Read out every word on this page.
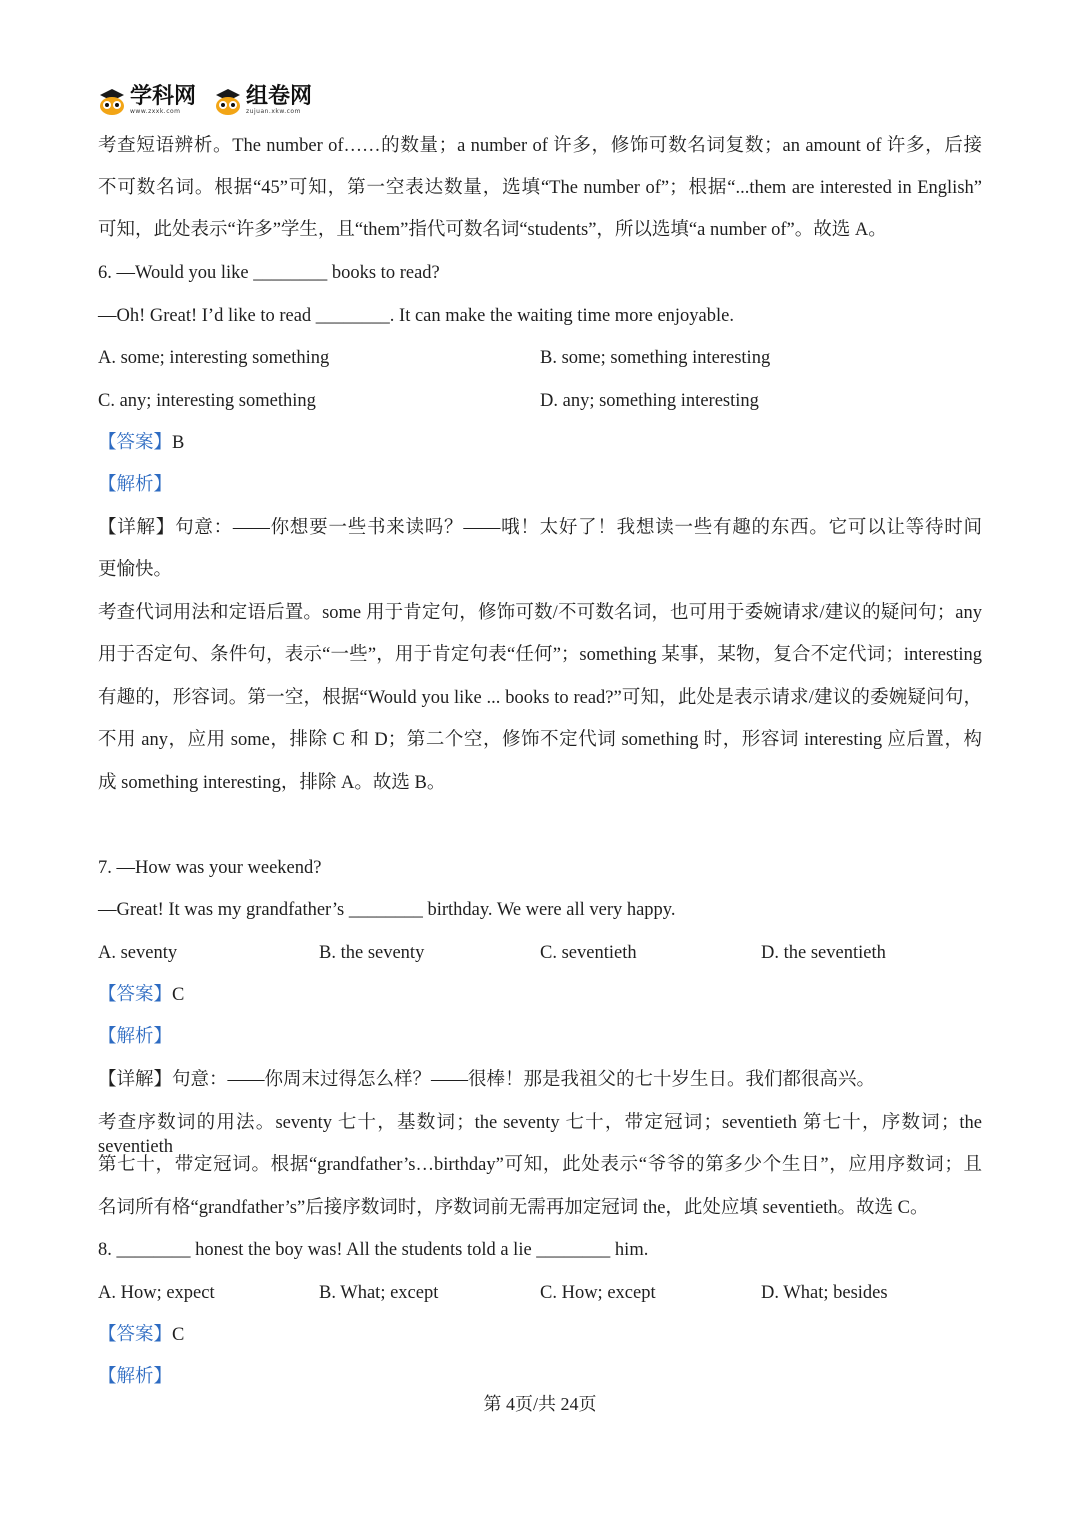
学科网
www.zxxk.com
组卷网
zujuan.xkw.com
考查短语辨析。The number of……的数量；a number of 许多，修饰可数名词复数；an amount of 许多，后接
不可数名词。根据“45”可知，第一空表达数量，选填“The number of”；根据“...them are interested in English”
可知，此处表示“许多”学生，且“them”指代可数名词“students”，所以选填“a number of”。故选 A。
6. —Would you like ________ books to read?
—Oh! Great! I’d like to read ________. It can make the waiting time more enjoyable.
A. some; interesting something	B. some; something interesting
C. any; interesting something	D. any; something interesting
【答案】B
【解析】
【详解】句意：——你想要一些书来读吗？——哦！太好了！我想读一些有趣的东西。它可以让等待时间
更愉快。
考查代词用法和定语后置。some 用于肯定句，修饰可数/不可数名词，也可用于委婉请求/建议的疑问句；any
用于否定句、条件句，表示“一些”，用于肯定句表“任何”；something 某事，某物，复合不定代词；interesting
有趣的，形容词。第一空，根据“Would you like ... books to read?”可知，此处是表示请求/建议的委婉疑问句，
不用 any，应用 some，排除 C 和 D；第二个空，修饰不定代词 something 时，形容词 interesting 应后置，构
成 something interesting，排除 A。故选 B。
7. —How was your weekend?
—Great! It was my grandfather’s ________ birthday. We were all very happy.
A. seventy	B. the seventy	C. seventieth	D. the seventieth
【答案】C
【解析】
【详解】句意：——你周末过得怎么样？——很棒！那是我祖父的七十岁生日。我们都很高兴。
考查序数词的用法。seventy 七十，基数词；the seventy 七十，带定冠词；seventieth 第七十，序数词；the seventieth
第七十，带定冠词。根据“grandfather’s…birthday”可知，此处表示“爷爷的第多少个生日”，应用序数词；且
名词所有格“grandfather’s”后接序数词时，序数词前无需再加定冠词 the，此处应填 seventieth。故选 C。
8. ________ honest the boy was! All the students told a lie ________ him.
A. How; expect	B. What; except	C. How; except	D. What; besides
【答案】C
【解析】
第 4页/共 24页
